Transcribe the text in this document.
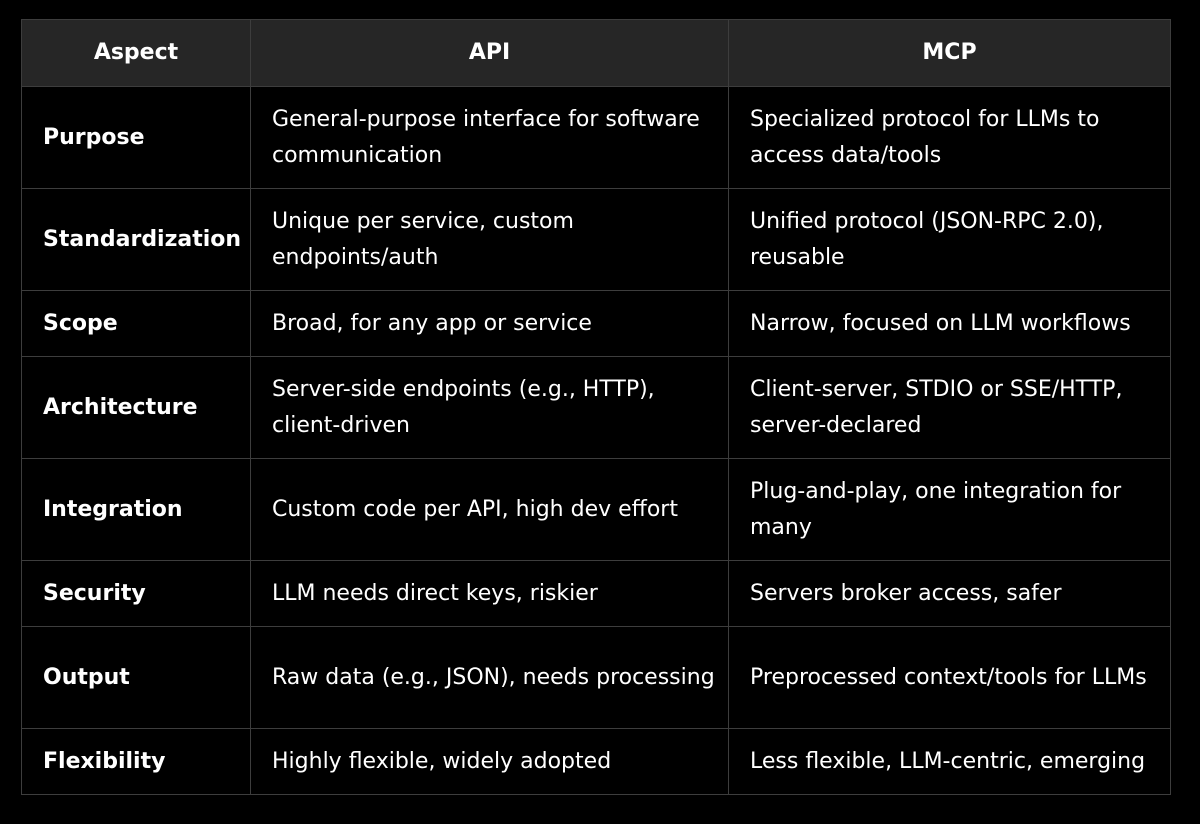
Aspect	API	MCP
Purpose	General-purpose interface for software communication	Specialized protocol for LLMs to access data/tools
Standardization	Unique per service, custom endpoints/auth	Unified protocol (JSON-RPC 2.0), reusable
Scope	Broad, for any app or service	Narrow, focused on LLM workflows
Architecture	Server-side endpoints (e.g., HTTP), client-driven	Client-server, STDIO or SSE/HTTP, server-declared
Integration	Custom code per API, high dev effort	Plug-and-play, one integration for many
Security	LLM needs direct keys, riskier	Servers broker access, safer
Output	Raw data (e.g., JSON), needs processing	Preprocessed context/tools for LLMs
Flexibility	Highly flexible, widely adopted	Less flexible, LLM-centric, emerging
